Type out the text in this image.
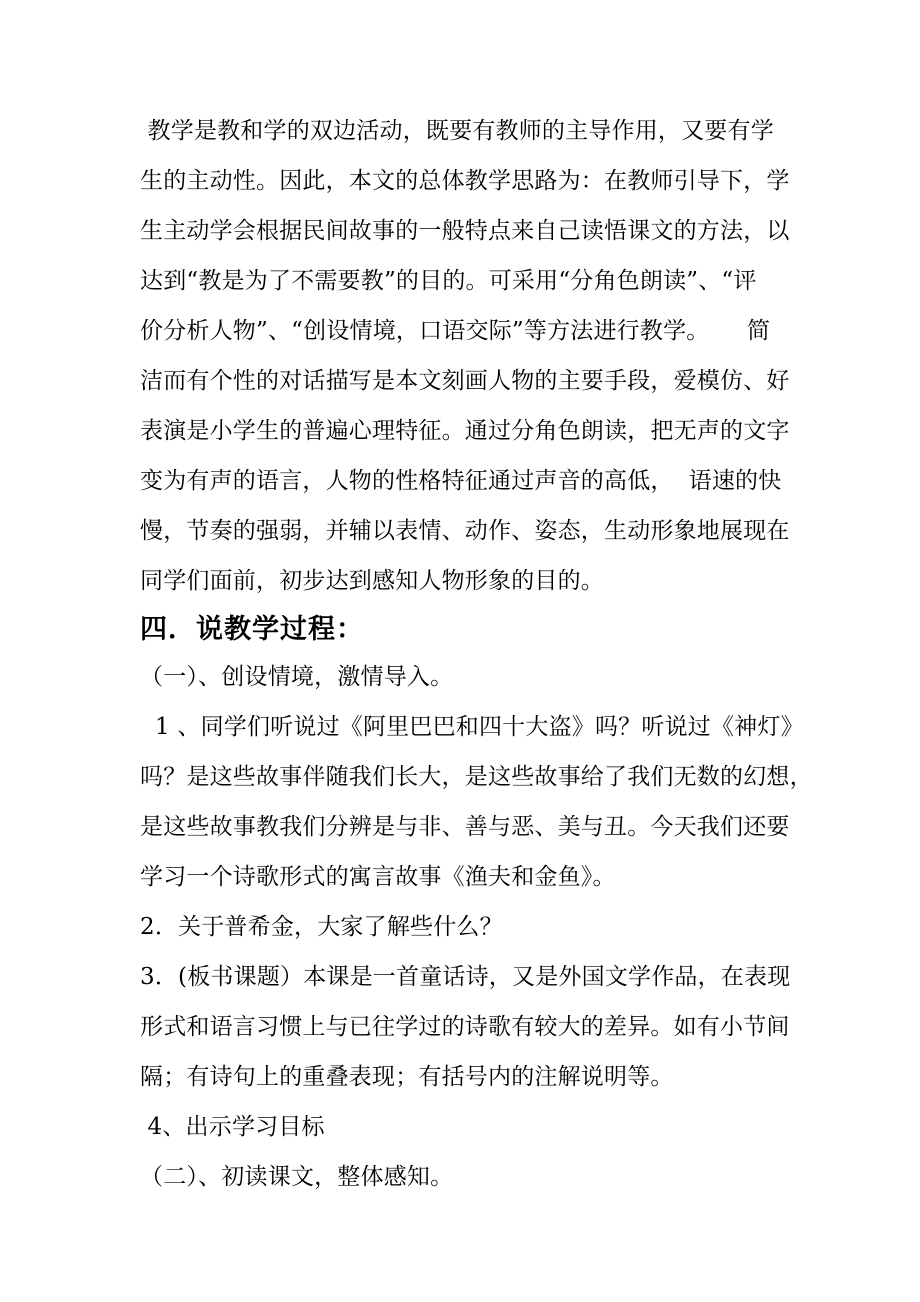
教学是教和学的双边活动，既要有教师的主导作用，又要有学
生的主动性。因此，本文的总体教学思路为：在教师引导下，学
生主动学会根据民间故事的一般特点来自己读悟课文的方法，以
达到“教是为了不需要教”的目的。可采用“分角色朗读”、“评
价分析人物”、“创设情境，口语交际”等方法进行教学。     简
洁而有个性的对话描写是本文刻画人物的主要手段，爱模仿、好
表演是小学生的普遍心理特征。通过分角色朗读，把无声的文字
变为有声的语言，人物的性格特征通过声音的高低，  语速的快
慢，节奏的强弱，并辅以表情、动作、姿态，生动形象地展现在
同学们面前，初步达到感知人物形象的目的。
四．说教学过程：
（一）、创设情境，激情导入。
1 、同学们听说过《阿里巴巴和四十大盗》吗？听说过《神灯》
吗？是这些故事伴随我们长大，是这些故事给了我们无数的幻想，
是这些故事教我们分辨是与非、善与恶、美与丑。今天我们还要
学习一个诗歌形式的寓言故事《渔夫和金鱼》。
2．关于普希金，大家了解些什么？
3．(板书课题）本课是一首童话诗，又是外国文学作品，在表现
形式和语言习惯上与已往学过的诗歌有较大的差异。如有小节间
隔；有诗句上的重叠表现；有括号内的注解说明等。
4、出示学习目标
（二）、初读课文，整体感知。
